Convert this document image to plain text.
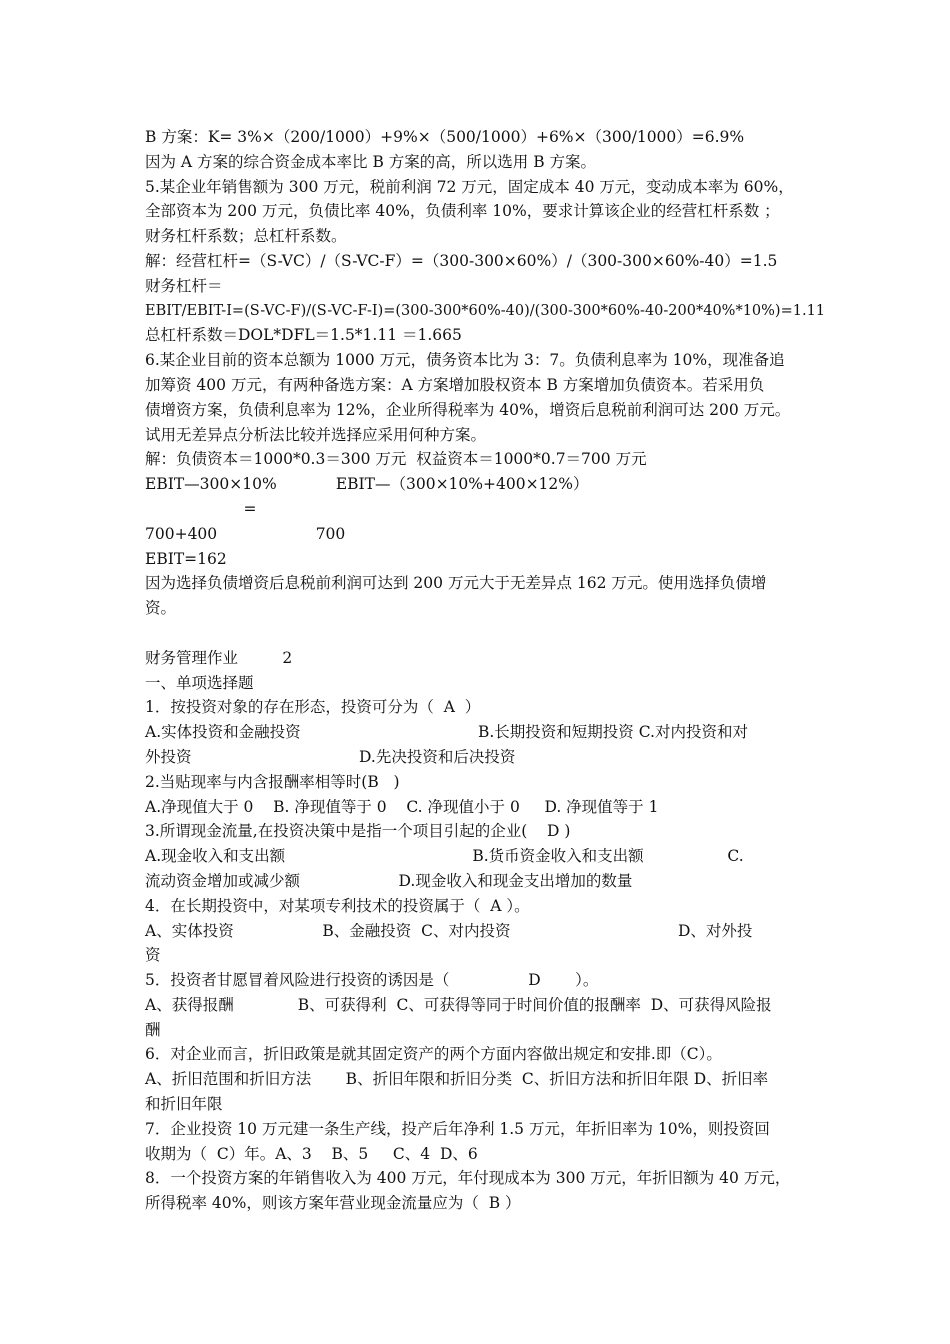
B 方案：K= 3%×（200/1000）+9%×（500/1000）+6%×（300/1000）=6.9%
因为 A 方案的综合资金成本率比 B 方案的高，所以选用 B 方案。
5.某企业年销售额为 300 万元，税前利润 72 万元，固定成本 40 万元，变动成本率为 60%，
全部资本为 200 万元，负债比率 40%，负债利率 10%，要求计算该企业的经营杠杆系数 ；
财务杠杆系数；总杠杆系数。
解：经营杠杆=（S-VC）/（S-VC-F）=（300-300×60%）/（300-300×60%-40）=1.5
财务杠杆＝
EBIT/EBIT-I=(S-VC-F)/(S-VC-F-I)=(300-300*60%-40)/(300-300*60%-40-200*40%*10%)=1.11
总杠杆系数＝DOL*DFL＝1.5*1.11 ＝1.665
6.某企业目前的资本总额为 1000 万元，债务资本比为 3：7。负债利息率为 10%，现准备追
加筹资 400 万元，有两种备选方案：A 方案增加股权资本 B 方案增加负债资本。若采用负
债增资方案，负债利息率为 12%，企业所得税率为 40%，增资后息税前利润可达 200 万元。
试用无差异点分析法比较并选择应采用何种方案。
解：负债资本＝1000*0.3＝300 万元  权益资本＝1000*0.7＝700 万元
EBIT—300×10%            EBIT—（300×10%+400×12%）
=
700+400                    700
EBIT=162
因为选择负债增资后息税前利润可达到 200 万元大于无差异点 162 万元。使用选择负债增
资。
财务管理作业         2
一、单项选择题
1．按投资对象的存在形态，投资可分为（  A  ）
A.实体投资和金融投资                                    B.长期投资和短期投资 C.对内投资和对
外投资                                  D.先决投资和后决投资
2.当贴现率与内含报酬率相等时(B   )
A.净现值大于 0    B. 净现值等于 0    C. 净现值小于 0     D. 净现值等于 1
3.所谓现金流量,在投资决策中是指一个项目引起的企业(    D )
A.现金收入和支出额                                      B.货币资金收入和支出额                 C.
流动资金增加或减少额                    D.现金收入和现金支出增加的数量
4．在长期投资中，对某项专利技术的投资属于（  A ）。
A、实体投资                  B、金融投资  C、对内投资                                  D、对外投
资
5．投资者甘愿冒着风险进行投资的诱因是（                D       ）。
A、获得报酬             B、可获得利  C、可获得等同于时间价值的报酬率  D、可获得风险报
酬
6．对企业而言，折旧政策是就其固定资产的两个方面内容做出规定和安排.即（C）。
A、折旧范围和折旧方法       B、折旧年限和折旧分类  C、折旧方法和折旧年限 D、折旧率
和折旧年限
7．企业投资 10 万元建一条生产线，投产后年净利 1.5 万元，年折旧率为 10%，则投资回
收期为（  C）年。A、3    B、5     C、4  D、6
8．一个投资方案的年销售收入为 400 万元，年付现成本为 300 万元，年折旧额为 40 万元，
所得税率 40%，则该方案年营业现金流量应为（  B ）
